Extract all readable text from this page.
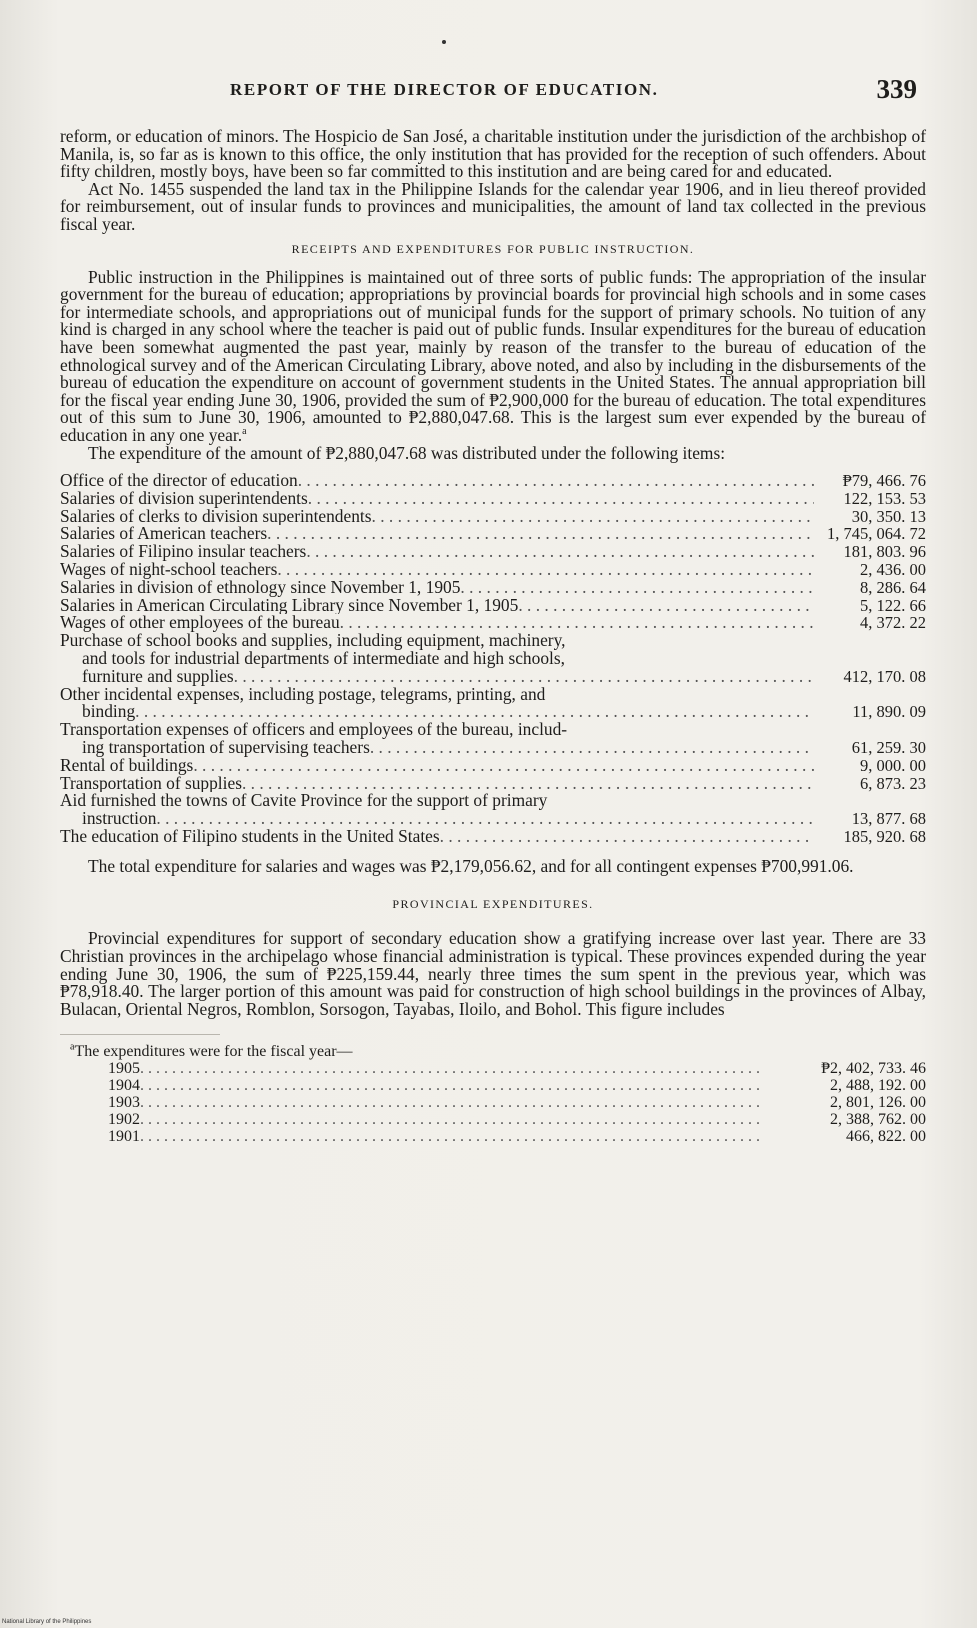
REPORT OF THE DIRECTOR OF EDUCATION.	339

reform, or education of minors. The Hospicio de San José, a charitable institution under the jurisdiction of the archbishop of Manila, is, so far as is known to this office, the only institution that has provided for the reception of such offenders. About fifty children, mostly boys, have been so far committed to this institution and are being cared for and educated.

Act No. 1455 suspended the land tax in the Philippine Islands for the calendar year 1906, and in lieu thereof provided for reimbursement, out of insular funds to provinces and municipalities, the amount of land tax collected in the previous fiscal year.

RECEIPTS AND EXPENDITURES FOR PUBLIC INSTRUCTION.

Public instruction in the Philippines is maintained out of three sorts of public funds: The appropriation of the insular government for the bureau of education; appropriations by provincial boards for provincial high schools and in some cases for intermediate schools, and appropriations out of municipal funds for the support of primary schools. No tuition of any kind is charged in any school where the teacher is paid out of public funds. Insular expenditures for the bureau of education have been somewhat augmented the past year, mainly by reason of the transfer to the bureau of education of the ethnological survey and of the American Circulating Library, above noted, and also by including in the disbursements of the bureau of education the expenditure on account of government students in the United States. The annual appropriation bill for the fiscal year ending June 30, 1906, provided the sum of ₱2,900,000 for the bureau of education. The total expenditures out of this sum to June 30, 1906, amounted to ₱2,880,047.68. This is the largest sum ever expended by the bureau of education in any one year.$^a$

The expenditure of the amount of ₱2,880,047.68 was distributed under the following items:

Office of the director of education . . .	₱79, 466. 76
Salaries of division superintendents . . .	122, 153. 53
Salaries of clerks to division superintendents . . .	30, 350. 13
Salaries of American teachers . . .	1, 745, 064. 72
Salaries of Filipino insular teachers . . .	181, 803. 96
Wages of night-school teachers . . .	2, 436. 00
Salaries in division of ethnology since November 1, 1905 . . .	8, 286. 64
Salaries in American Circulating Library since November 1, 1905 . . .	5, 122. 66
Wages of other employees of the bureau . . .	4, 372. 22
Purchase of school books and supplies, including equipment, machinery,
and tools for industrial departments of intermediate and high schools,
furniture and supplies . . .	412, 170. 08
Other incidental expenses, including postage, telegrams, printing, and
binding . . .	11, 890. 09
Transportation expenses of officers and employees of the bureau, includ-
ing transportation of supervising teachers . . .	61, 259. 30
Rental of buildings . . .	9, 000. 00
Transportation of supplies . . .	6, 873. 23
Aid furnished the towns of Cavite Province for the support of primary
instruction . . .	13, 877. 68
The education of Filipino students in the United States . . .	185, 920. 68

The total expenditure for salaries and wages was ₱2,179,056.62, and for all contingent expenses ₱700,991.06.

PROVINCIAL EXPENDITURES.

Provincial expenditures for support of secondary education show a gratifying increase over last year. There are 33 Christian provinces in the archipelago whose financial administration is typical. These provinces expended during the year ending June 30, 1906, the sum of ₱225,159.44, nearly three times the sum spent in the previous year, which was ₱78,918.40. The larger portion of this amount was paid for construction of high school buildings in the provinces of Albay, Bulacan, Oriental Negros, Romblon, Sorsogon, Tayabas, Iloilo, and Bohol. This figure includes

$^a$The expenditures were for the fiscal year—
1905 . . .	₱2, 402, 733. 46
1904 . . .	2, 488, 192. 00
1903 . . .	2, 801, 126. 00
1902 . . .	2, 388, 762. 00
1901 . . .	466, 822. 00
National Library of the Philippines
